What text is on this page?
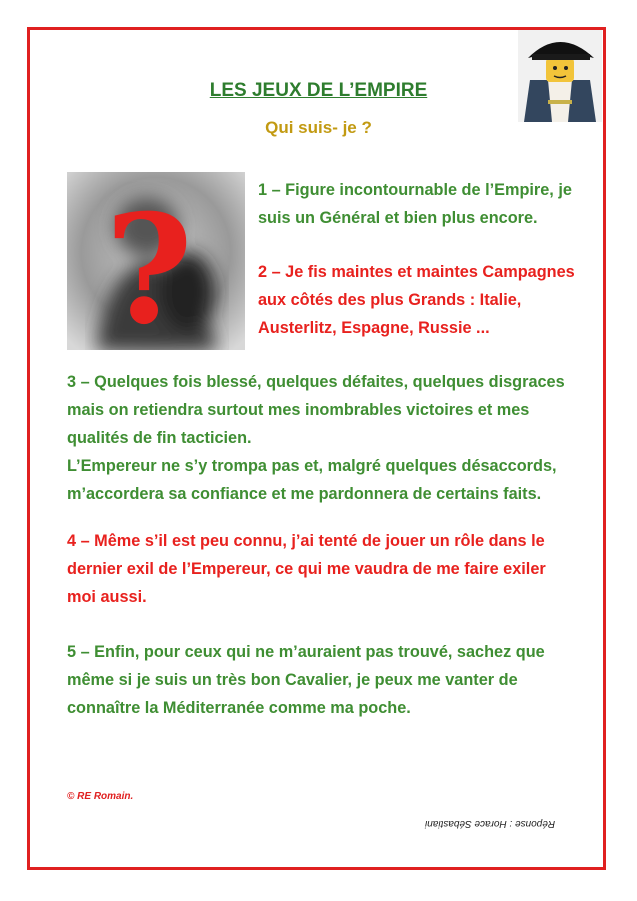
LES JEUX DE L’EMPIRE
Qui suis- je ?
?	1 – Figure incontournable de l’Empire, je
suis un Général et bien plus encore.

2 – Je fis maintes et maintes Campagnes
aux côtés des plus Grands : Italie,
Austerlitz, Espagne, Russie ...

3 – Quelques fois blessé, quelques défaites, quelques disgraces
mais on retiendra surtout mes inombrables victoires et mes
qualités de fin tacticien.
L’Empereur ne s’y trompa pas et, malgré quelques désaccords,
m’accordera sa confiance et me pardonnera de certains faits.

4 – Même s’il est peu connu, j’ai tenté de jouer un rôle dans le
dernier exil de l’Empereur, ce qui me vaudra de me faire exiler
moi aussi.

5 – Enfin, pour ceux qui ne m’auraient pas trouvé, sachez que
même si je suis un très bon Cavalier, je peux me vanter de
connaître la Méditerranée comme ma poche.

© RE Romain.
Réponse : Horace Sébastiani
